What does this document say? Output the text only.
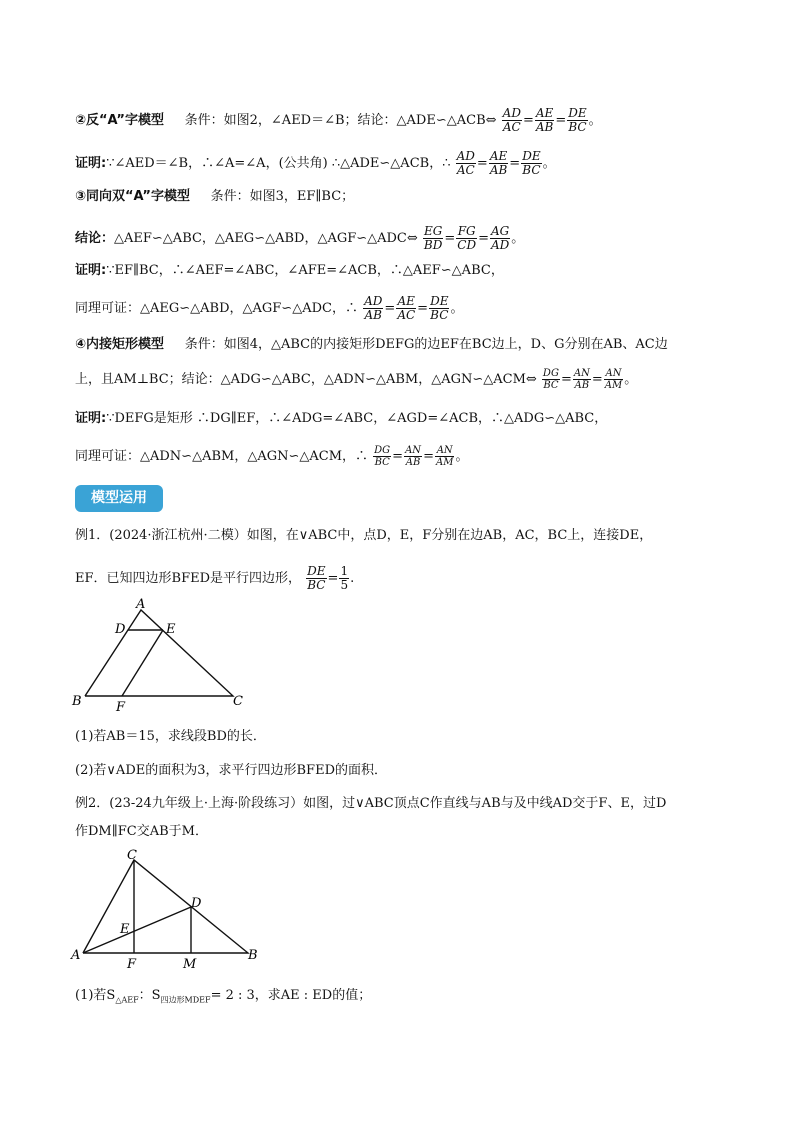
②反“A”字模型 条件：如图2，∠AED＝∠B；结论：△ADE∽△ACB⇔ $\frac{AD}{AC} = \frac{AE}{AB} = \frac{DE}{BC}$ 。
证明:∵∠AED＝∠B，∴∠A=∠A，(公共角) ∴△ADE∽△ACB，∴ $\frac{AD}{AC} = \frac{AE}{AB} = \frac{DE}{BC}$ 。
③同向双“A”字模型 条件：如图3，EF∥BC；
结论：△AEF∽△ABC，△AEG∽△ABD，△AGF∽△ADC⇔ $\frac{EG}{BD} = \frac{FG}{CD} = \frac{AG}{AD}$ 。
证明:∵EF∥BC，∴∠AEF=∠ABC，∠AFE=∠ACB，∴△AEF∽△ABC，
同理可证：△AEG∽△ABD，△AGF∽△ADC，∴ $\frac{AD}{AB} = \frac{AE}{AC} = \frac{DE}{BC}$ 。
④内接矩形模型 条件：如图4，△ABC的内接矩形DEFG的边EF在BC边上，D、G分别在AB、AC边
上，且AM⊥BC；结论：△ADG∽△ABC，△ADN∽△ABM，△AGN∽△ACM⇔ $\frac{DG}{BC} = \frac{AN}{AB} = \frac{AN}{AM}$ 。
证明:∵DEFG是矩形 ∴DG∥EF，∴∠ADG=∠ABC，∠AGD=∠ACB，∴△ADG∽△ABC，
同理可证：△ADN∽△ABM，△AGN∽△ACM，∴ $\frac{DG}{BC} = \frac{AN}{AB} = \frac{AN}{AM}$ 。
模型运用
例1．(2024·浙江杭州·二模）如图，在∨ABC中，点D，E，F分别在边AB，AC，BC上，连接DE，
EF．已知四边形BFED是平行四边形， $\frac{DE}{BC} = \frac{1}{5}$ .
A
D	E
B	F	C
(1)若AB＝15，求线段BD的长．
(2)若∨ADE的面积为3，求平行四边形BFED的面积．
例2．(23-24九年级上·上海·阶段练习）如图，过∨ABC顶点C作直线与AB与及中线AD交于F、E，过D
作DM∥FC交AB于M．
C
D
E
A
F	M
B
(1)若$S_{\triangle AEF}$：$S_{四边形MDEF}= 2$ : 3，求AE : ED的值；
